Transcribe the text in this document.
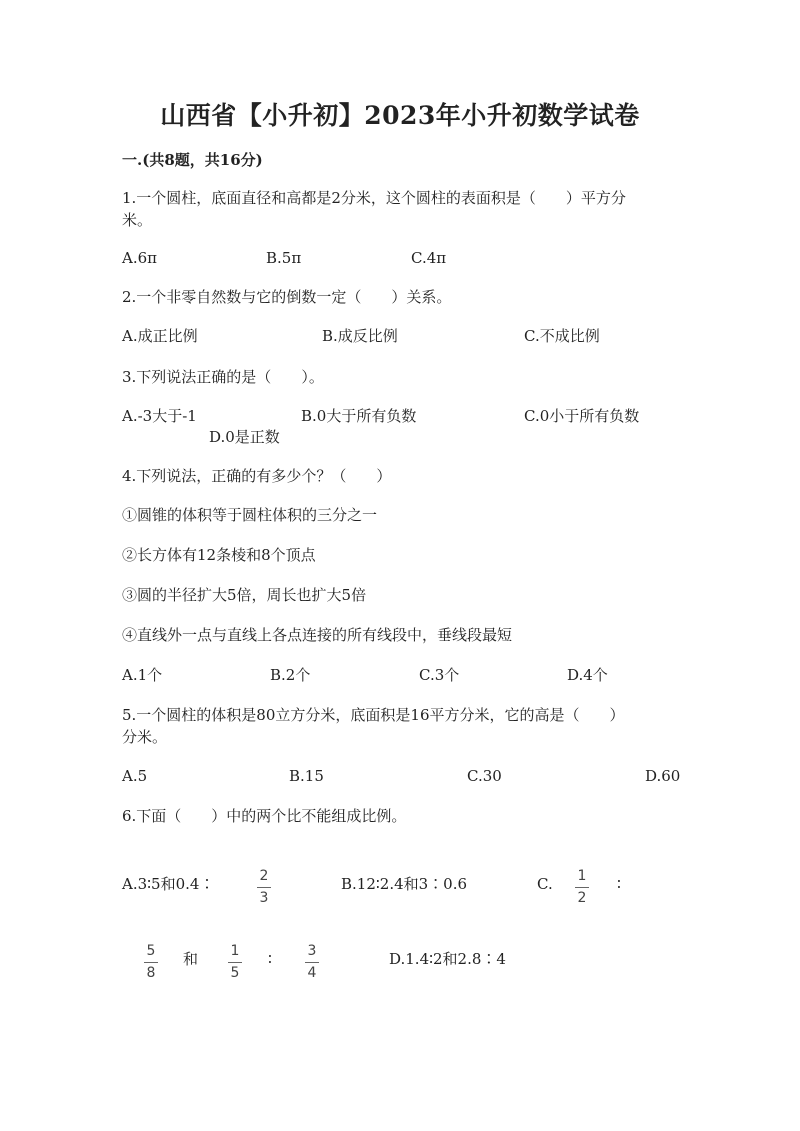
山西省【小升初】2023年小升初数学试卷
一.(共8题，共16分)
1.一个圆柱，底面直径和高都是2分米，这个圆柱的表面积是（　　）平方分
米。
A.6π	B.5π	C.4π
2.一个非零自然数与它的倒数一定（　　）关系。
A.成正比例	B.成反比例	C.不成比例
3.下列说法正确的是（　　）。
A.-3大于-1	B.0大于所有负数	C.0小于所有负数
D.0是正数
4.下列说法，正确的有多少个？（　　）
①圆锥的体积等于圆柱体积的三分之一
②长方体有12条棱和8个顶点
③圆的半径扩大5倍，周长也扩大5倍
④直线外一点与直线上各点连接的所有线段中，垂线段最短
A.1个	B.2个	C.3个	D.4个
5.一个圆柱的体积是80立方分米，底面积是16平方分米，它的高是（　　）
分米。
A.5	B.15	C.30	D.60
6.下面（　　）中的两个比不能组成比例。
A.3∶5和0.4∶	2
3
B.12∶2.4和3∶0.6	C.	1
2
∶
5
8
和	1
5
∶	3
4
D.1.4∶2和2.8∶4
